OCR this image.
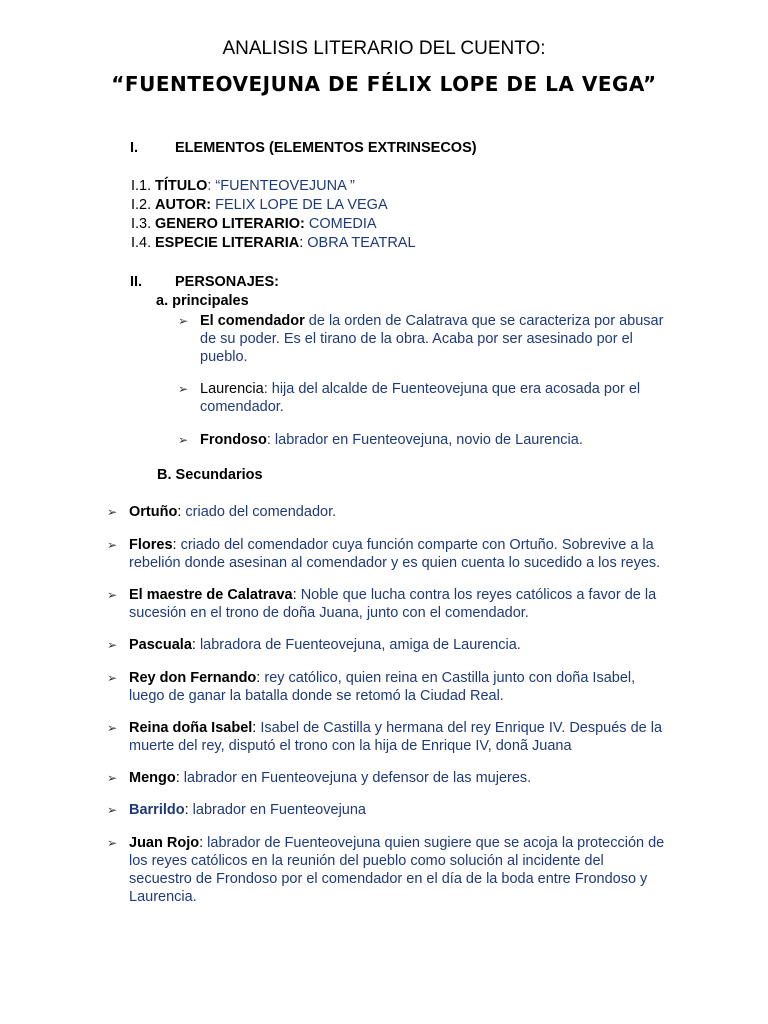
ANALISIS LITERARIO DEL CUENTO:
“FUENTEOVEJUNA DE FÉLIX LOPE DE LA VEGA”
I.	ELEMENTOS (ELEMENTOS EXTRINSECOS)
I.1. TÍTULO: “FUENTEOVEJUNA ”
I.2. AUTOR: FELIX LOPE DE LA VEGA
I.3. GENERO LITERARIO: COMEDIA
I.4. ESPECIE LITERARIA: OBRA TEATRAL
II. PERSONAJES:
a. principales
➢ El comendador de la orden de Calatrava que se caracteriza por abusar
de su poder. Es el tirano de la obra. Acaba por ser asesinado por el
pueblo.
➢ Laurencia: hija del alcalde de Fuenteovejuna que era acosada por el
comendador.
➢ Frondoso: labrador en Fuenteovejuna, novio de Laurencia.
B. Secundarios
➢ Ortuño: criado del comendador.
➢ Flores: criado del comendador cuya función comparte con Ortuño. Sobrevive a la
rebelión donde asesinan al comendador y es quien cuenta lo sucedido a los reyes.
➢ El maestre de Calatrava: Noble que lucha contra los reyes católicos a favor de la
sucesión en el trono de doña Juana, junto con el comendador.
➢ Pascuala: labradora de Fuenteovejuna, amiga de Laurencia.
➢ Rey don Fernando: rey católico, quien reina en Castilla junto con doña Isabel,
luego de ganar la batalla donde se retomó la Ciudad Real.
➢ Reina doña Isabel: Isabel de Castilla y hermana del rey Enrique IV. Después de la
muerte del rey, disputó el trono con la hija de Enrique IV, donã Juana
➢ Mengo: labrador en Fuenteovejuna y defensor de las mujeres.
➢ Barrildo: labrador en Fuenteovejuna
➢ Juan Rojo: labrador de Fuenteovejuna quien sugiere que se acoja la protección de
los reyes católicos en la reunión del pueblo como solución al incidente del
secuestro de Frondoso por el comendador en el día de la boda entre Frondoso y
Laurencia.
